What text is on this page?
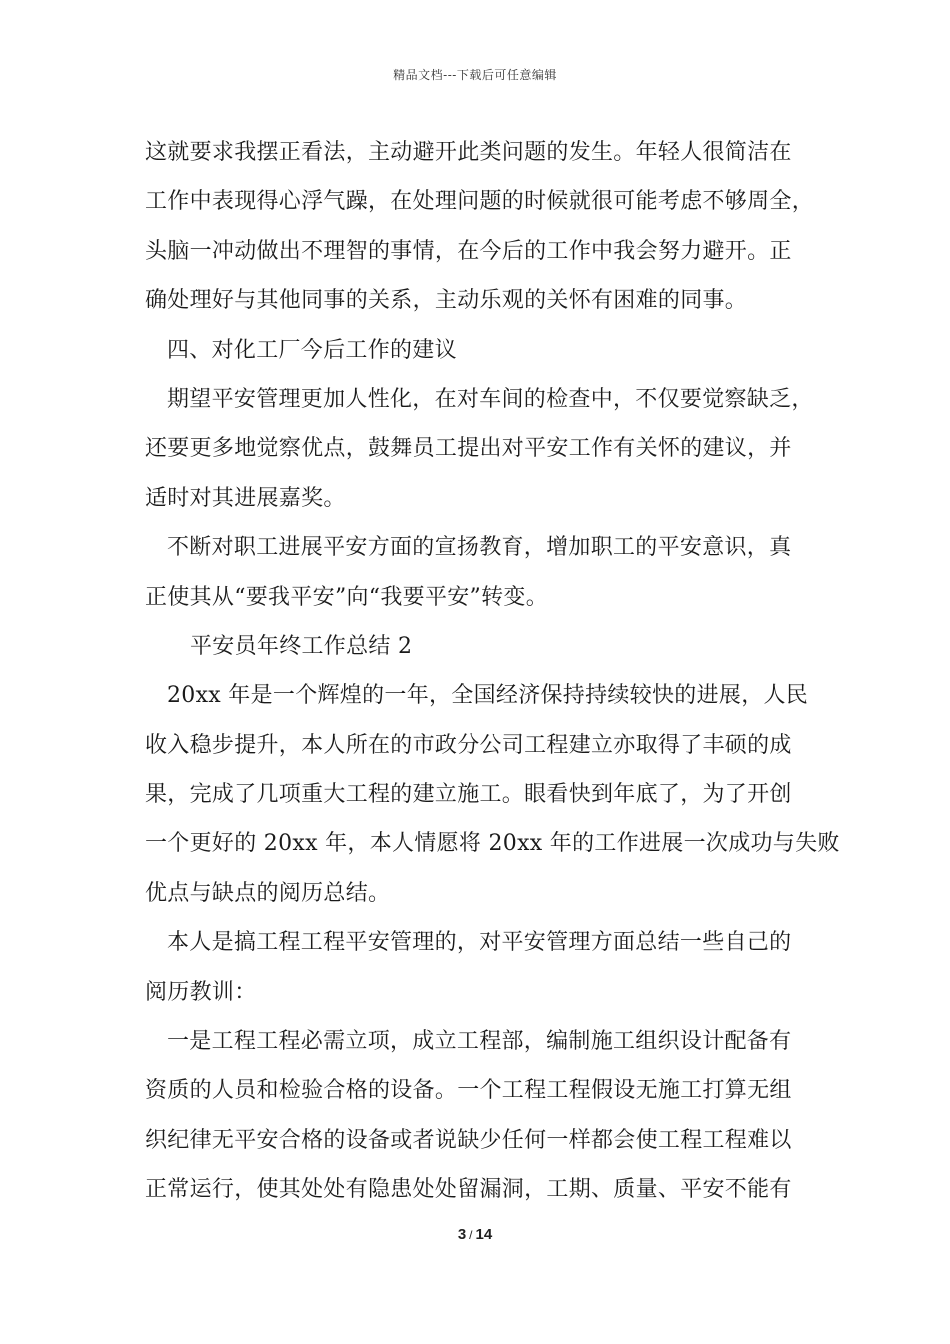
精品文档---下载后可任意编辑
这就要求我摆正看法，主动避开此类问题的发生。年轻人很简洁在
工作中表现得心浮气躁，在处理问题的时候就很可能考虑不够周全，
头脑一冲动做出不理智的事情，在今后的工作中我会努力避开。正
确处理好与其他同事的关系，主动乐观的关怀有困难的同事。
四、对化工厂今后工作的建议
期望平安管理更加人性化，在对车间的检查中，不仅要觉察缺乏，
还要更多地觉察优点，鼓舞员工提出对平安工作有关怀的建议，并
适时对其进展嘉奖。
不断对职工进展平安方面的宣扬教育，增加职工的平安意识，真
正使其从“要我平安”向“我要平安”转变。
平安员年终工作总结 2
20xx 年是一个辉煌的一年，全国经济保持持续较快的进展，人民
收入稳步提升，本人所在的市政分公司工程建立亦取得了丰硕的成
果，完成了几项重大工程的建立施工。眼看快到年底了，为了开创
一个更好的 20xx 年，本人情愿将 20xx 年的工作进展一次成功与失败
优点与缺点的阅历总结。
本人是搞工程工程平安管理的，对平安管理方面总结一些自己的
阅历教训：
一是工程工程必需立项，成立工程部，编制施工组织设计配备有
资质的人员和检验合格的设备。一个工程工程假设无施工打算无组
织纪律无平安合格的设备或者说缺少任何一样都会使工程工程难以
正常运行，使其处处有隐患处处留漏洞，工期、质量、平安不能有
3 / 14
